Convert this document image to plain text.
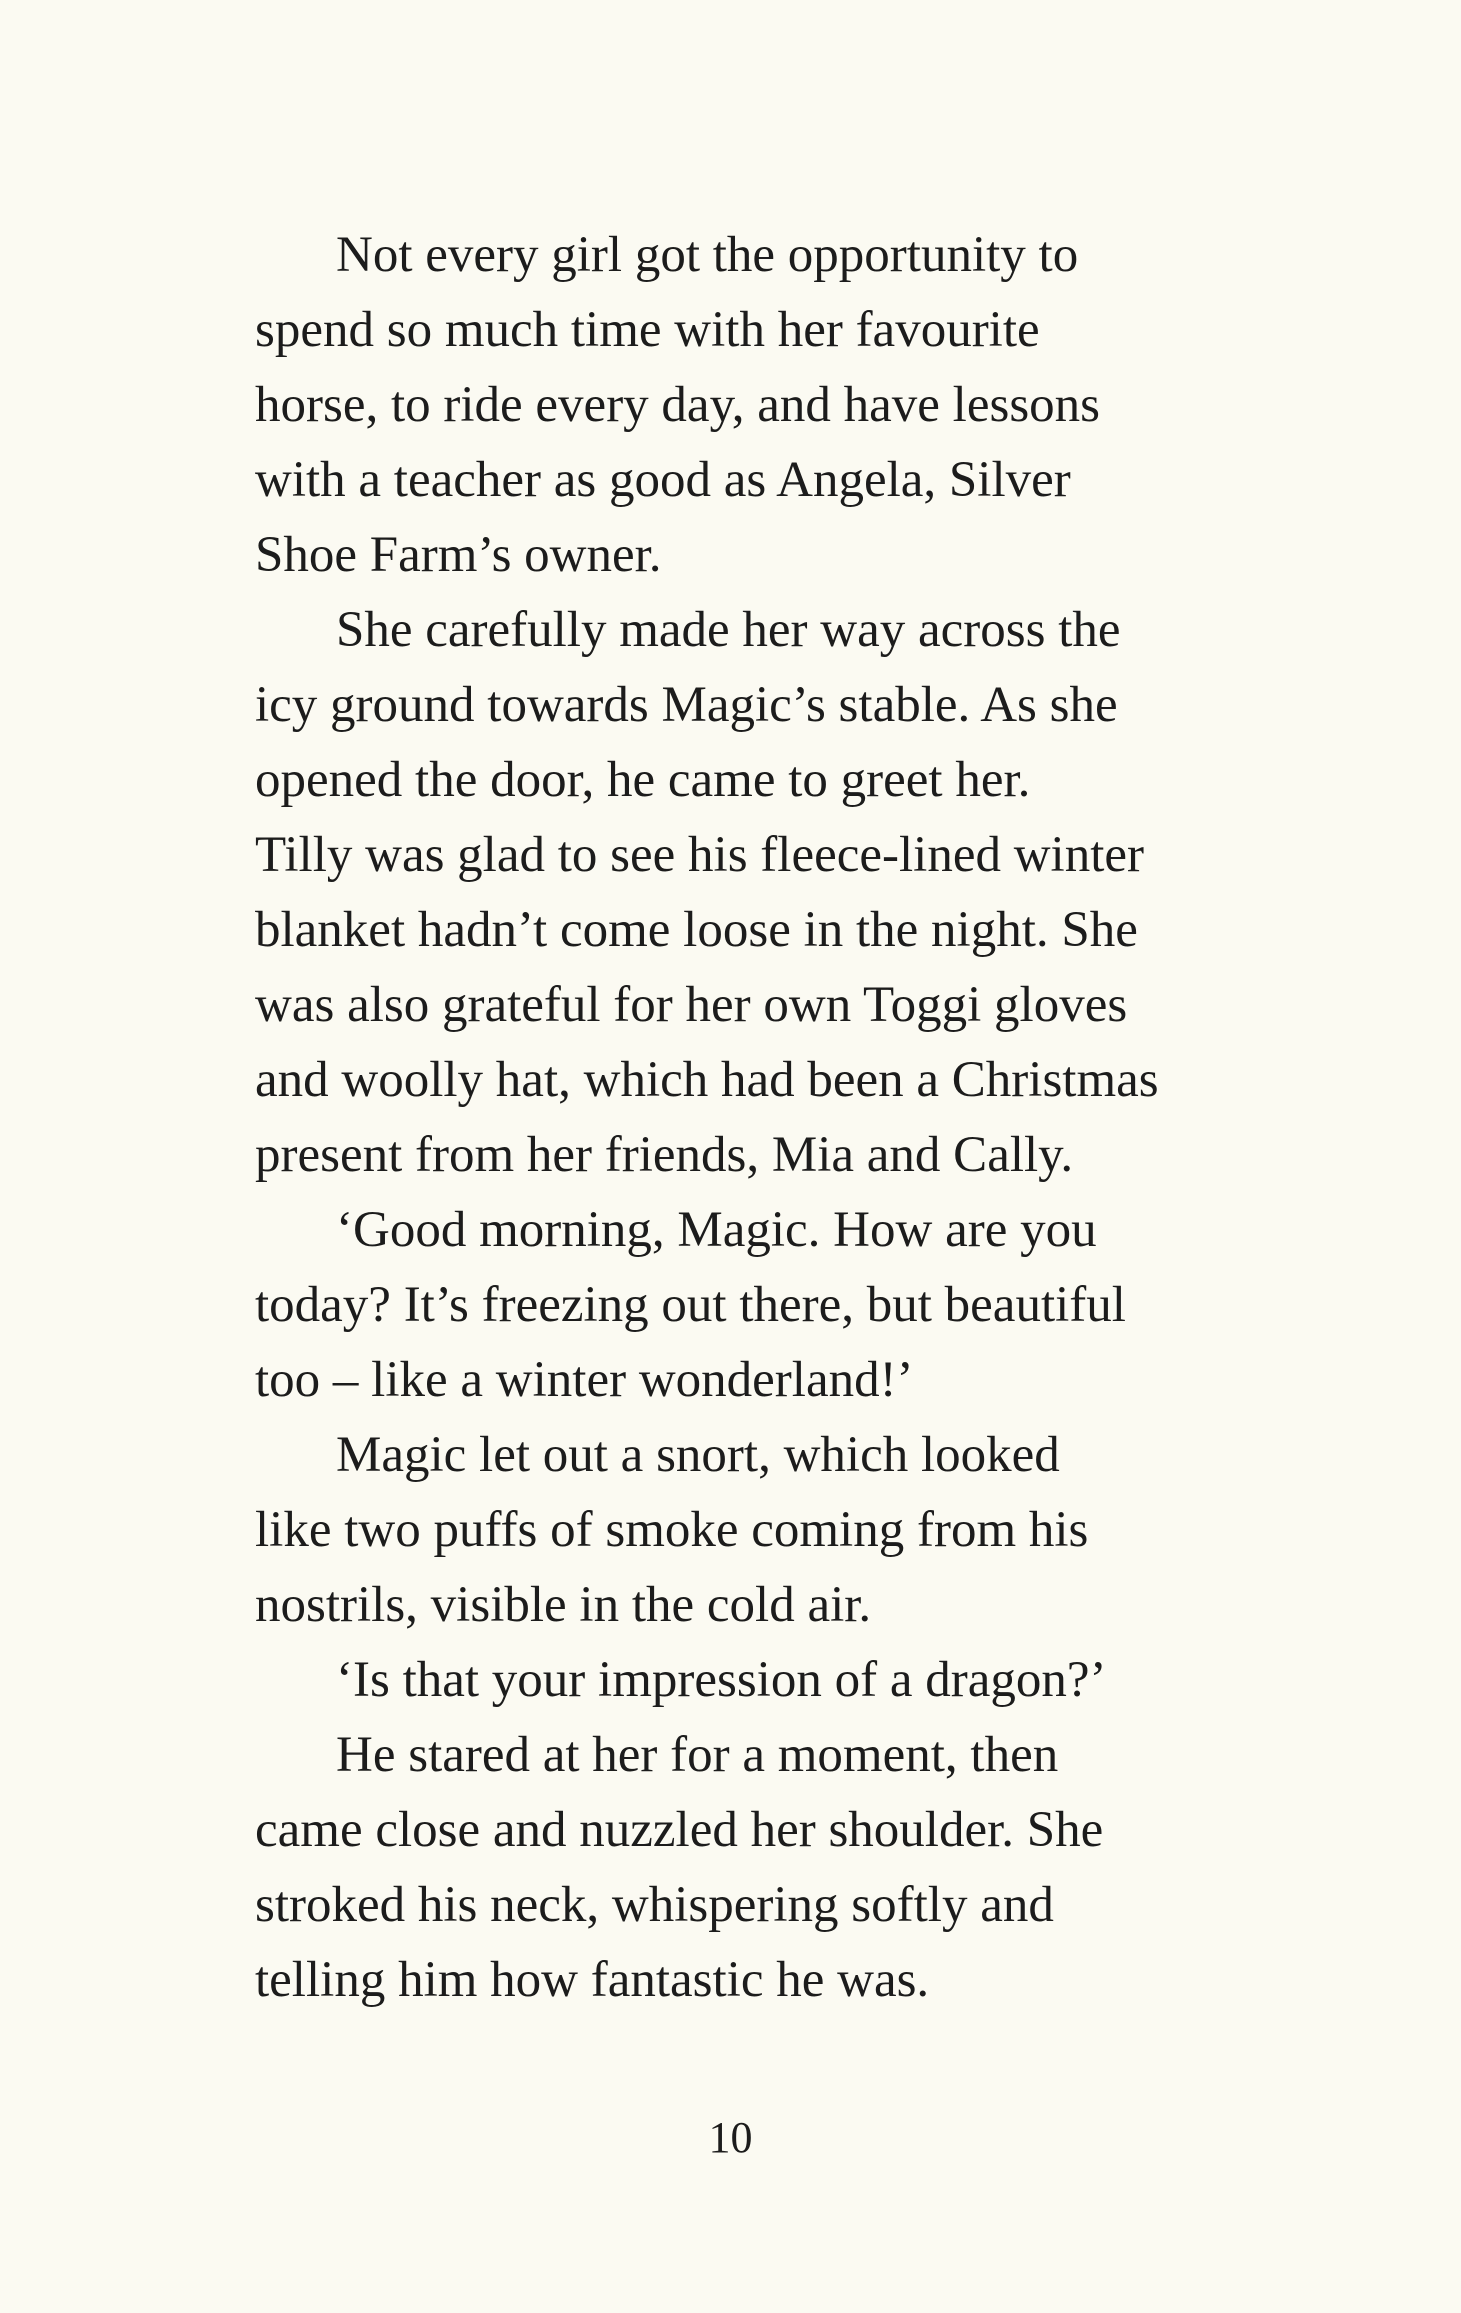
Not every girl got the opportunity to
spend so much time with her favourite
horse, to ride every day, and have lessons
with a teacher as good as Angela, Silver
Shoe Farm’s owner.

She carefully made her way across the
icy ground towards Magic’s stable. As she
opened the door, he came to greet her.
Tilly was glad to see his fleece-lined winter
blanket hadn’t come loose in the night. She
was also grateful for her own Toggi gloves
and woolly hat, which had been a Christmas
present from her friends, Mia and Cally.

‘Good morning, Magic. How are you
today? It’s freezing out there, but beautiful
too – like a winter wonderland!’

Magic let out a snort, which looked
like two puffs of smoke coming from his
nostrils, visible in the cold air.

‘Is that your impression of a dragon?’

He stared at her for a moment, then
came close and nuzzled her shoulder. She
stroked his neck, whispering softly and
telling him how fantastic he was.

10
